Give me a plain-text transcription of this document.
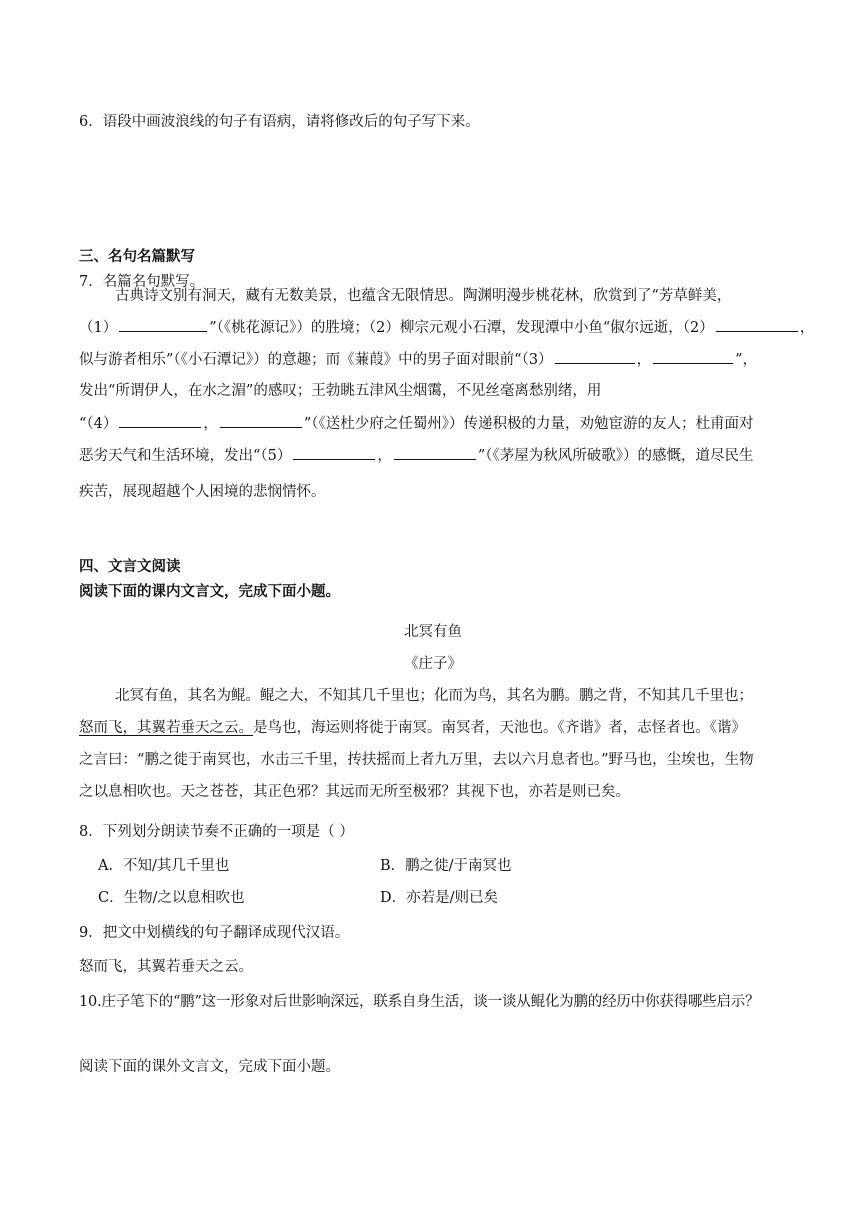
6．语段中画波浪线的句子有语病，请将修改后的句子写下来。
三、名句名篇默写
7．名篇名句默写。
古典诗文别有洞天，藏有无数美景，也蕴含无限情思。陶渊明漫步桃花林，欣赏到了“芳草鲜美，
（1）	”（《桃花源记》）的胜境；（2）柳宗元观小石潭，发现潭中小鱼“俶尔远逝，（2）	，
似与游者相乐”（《小石潭记》）的意趣；而《蒹葭》中的男子面对眼前“（3）	，	”，
发出“所谓伊人，在水之湄”的感叹；王勃眺五津风尘烟霭，不见丝毫离愁别绪，用
“（4）	，	”（《送杜少府之任蜀州》）传递积极的力量，劝勉宦游的友人；杜甫面对
恶劣天气和生活环境，发出“（5）	，	”（《茅屋为秋风所破歌》）的感慨，道尽民生
疾苦，展现超越个人困境的悲悯情怀。
四、文言文阅读
阅读下面的课内文言文，完成下面小题。
北冥有鱼
《庄子》
北冥有鱼，其名为鲲。鲲之大，不知其几千里也；化而为鸟，其名为鹏。鹏之背，不知其几千里也；
怒而飞，其翼若垂天之云。是鸟也，海运则将徙于南冥。南冥者，天池也。《齐谐》者，志怪者也。《谐》
之言曰：“鹏之徙于南冥也，水击三千里，抟扶摇而上者九万里，去以六月息者也。”野马也，尘埃也，生物
之以息相吹也。天之苍苍，其正色邪？其远而无所至极邪？其视下也，亦若是则已矣。
8．下列划分朗读节奏不正确的一项是（ ）
A．不知/其几千里也	B．鹏之徙/于南冥也
C．生物/之以息相吹也	D．亦若是/则已矣
9．把文中划横线的句子翻译成现代汉语。
怒而飞，其翼若垂天之云。
10.庄子笔下的“鹏”这一形象对后世影响深远，联系自身生活，谈一谈从鲲化为鹏的经历中你获得哪些启示？
阅读下面的课外文言文，完成下面小题。
